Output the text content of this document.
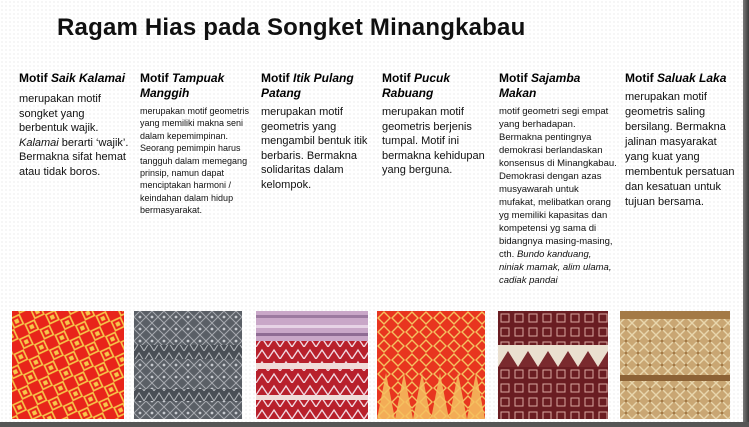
Ragam Hias pada Songket Minangkabau
Motif Saik Kalamai
merupakan motif songket yang berbentuk wajik. Kalamai berarti ‘wajik’. Bermakna sifat hemat atau tidak boros.
Motif Tampuak Manggih
merupakan motif geometris yang memiliki makna seni dalam kepemimpinan. Seorang pemimpin harus tangguh dalam memegang prinsip, namun dapat menciptakan harmoni / keindahan dalam hidup bermasyarakat.
Motif Itik Pulang Patang
merupakan motif geometris yang mengambil bentuk itik berbaris. Bermakna solidaritas dalam kelompok.
Motif Pucuk Rabuang
merupakan motif geometris berjenis tumpal. Motif ini bermakna kehidupan yang berguna.
Motif Sajamba Makan
motif geometri segi empat yang berhadapan. Bermakna pentingnya demokrasi berlandaskan konsensus di Minangkabau. Demokrasi dengan azas musyawarah untuk mufakat, melibatkan orang yg memiliki kapasitas dan kompetensi yg sama di bidangnya masing-masing, cth. Bundo kanduang, niniak mamak, alim ulama, cadiak pandai
Motif Saluak Laka
merupakan motif geometris saling bersilang. Bermakna jalinan masyarakat yang kuat yang membentuk persatuan dan kesatuan untuk tujuan bersama.
